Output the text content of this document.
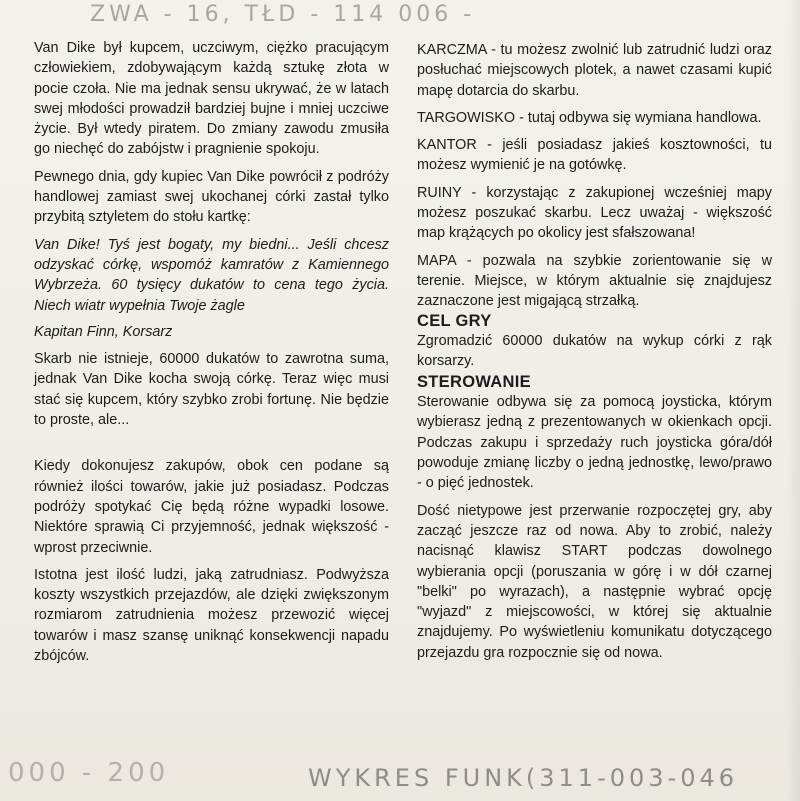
ZWA - 16, TŁD - 114 006 -

Van Dike był kupcem, uczciwym, ciężko pracującym człowiekiem, zdobywającym każdą sztukę złota w pocie czoła. Nie ma jednak sensu ukrywać, że w latach swej młodości prowadził bardziej bujne i mniej uczciwe życie. Był wtedy piratem. Do zmiany zawodu zmusiła go niechęć do zabójstw i pragnienie spokoju.

Pewnego dnia, gdy kupiec Van Dike powrócił z podróży handlowej zamiast swej ukochanej córki zastał tylko przybitą sztyletem do stołu kartkę:

Van Dike! Tyś jest bogaty, my biedni... Jeśli chcesz odzyskać córkę, wspomóż kamratów z Kamiennego Wybrzeża. 60 tysięcy dukatów to cena tego życia. Niech wiatr wypełnia Twoje żagle

Kapitan Finn, Korsarz

Skarb nie istnieje, 60000 dukatów to zawrotna suma, jednak Van Dike kocha swoją córkę. Teraz więc musi stać się kupcem, który szybko zrobi fortunę. Nie będzie to proste, ale...

Kiedy dokonujesz zakupów, obok cen podane są również ilości towarów, jakie już posiadasz. Podczas podróży spotykać Cię będą różne wypadki losowe. Niektóre sprawią Ci przyjemność, jednak większość - wprost przeciwnie.

Istotna jest ilość ludzi, jaką zatrudniasz. Podwyższa koszty wszystkich przejazdów, ale dzięki zwiększonym rozmiarom zatrudnienia możesz przewozić więcej towarów i masz szansę uniknąć konsekwencji napadu zbójców.

KARCZMA - tu możesz zwolnić lub zatrudnić ludzi oraz posłuchać miejscowych plotek, a nawet czasami kupić mapę dotarcia do skarbu.

TARGOWISKO - tutaj odbywa się wymiana handlowa.

KANTOR - jeśli posiadasz jakieś kosztowności, tu możesz wymienić je na gotówkę.

RUINY - korzystając z zakupionej wcześniej mapy możesz poszukać skarbu. Lecz uważaj - większość map krążących po okolicy jest sfałszowana!

MAPA - pozwala na szybkie zorientowanie się w terenie. Miejsce, w którym aktualnie się znajdujesz zaznaczone jest migającą strzałką.

CEL GRY

Zgromadzić 60000 dukatów na wykup córki z rąk korsarzy.

STEROWANIE

Sterowanie odbywa się za pomocą joysticka, którym wybierasz jedną z prezentowanych w okienkach opcji. Podczas zakupu i sprzedaży ruch joysticka góra/dół powoduje zmianę liczby o jedną jednostkę, lewo/prawo - o pięć jednostek.

Dość nietypowe jest przerwanie rozpoczętej gry, aby zacząć jeszcze raz od nowa. Aby to zrobić, należy nacisnąć klawisz START podczas dowolnego wybierania opcji (poruszania w górę i w dół czarnej "belki" po wyrazach), a następnie wybrać opcję "wyjazd" z miejscowości, w której się aktualnie znajdujemy. Po wyświetleniu komunikatu dotyczącego przejazdu gra rozpocznie się od nowa.

000 - 200	WYKRES FUNK(311-003-046
